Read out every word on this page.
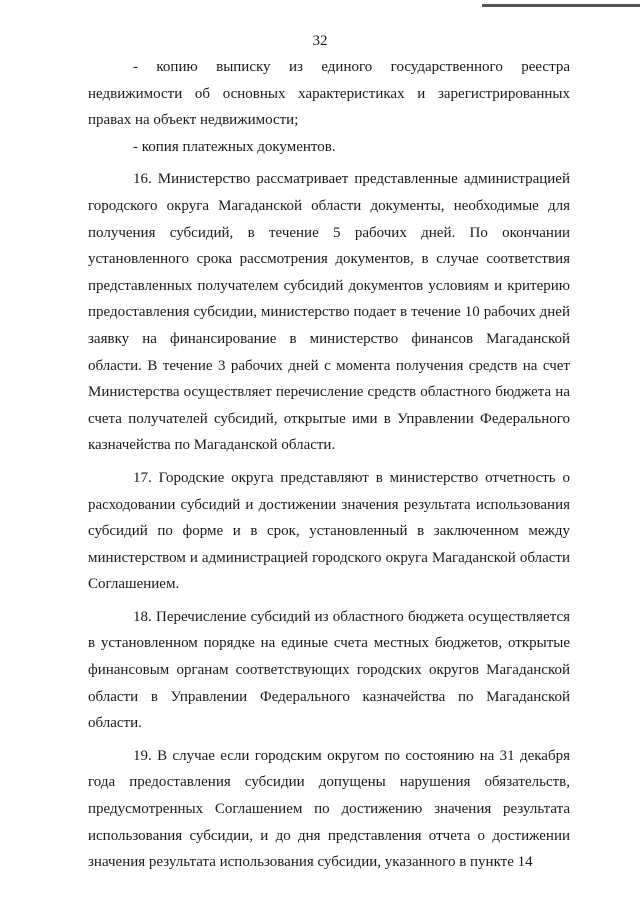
32

- копию выписку из единого государственного реестра недвижимости об основных характеристиках и зарегистрированных правах на объект недвижимости;

- копия платежных документов.

16. Министерство рассматривает представленные администрацией городского округа Магаданской области документы, необходимые для получения субсидий, в течение 5 рабочих дней. По окончании установленного срока рассмотрения документов, в случае соответствия представленных получателем субсидий документов условиям и критерию предоставления субсидии, министерство подает в течение 10 рабочих дней заявку на финансирование в министерство финансов Магаданской области. В течение 3 рабочих дней с момента получения средств на счет Министерства осуществляет перечисление средств областного бюджета на счета получателей субсидий, открытые ими в Управлении Федерального казначейства по Магаданской области.

17. Городские округа представляют в министерство отчетность о расходовании субсидий и достижении значения результата использования субсидий по форме и в срок, установленный в заключенном между министерством и администрацией городского округа Магаданской области Соглашением.

18. Перечисление субсидий из областного бюджета осуществляется в установленном порядке на единые счета местных бюджетов, открытые финансовым органам соответствующих городских округов Магаданской области в Управлении Федерального казначейства по Магаданской области.

19. В случае если городским округом по состоянию на 31 декабря года предоставления субсидии допущены нарушения обязательств, предусмотренных Соглашением по достижению значения результата использования субсидии, и до дня представления отчета о достижении значения результата использования субсидии, указанного в пункте 14
